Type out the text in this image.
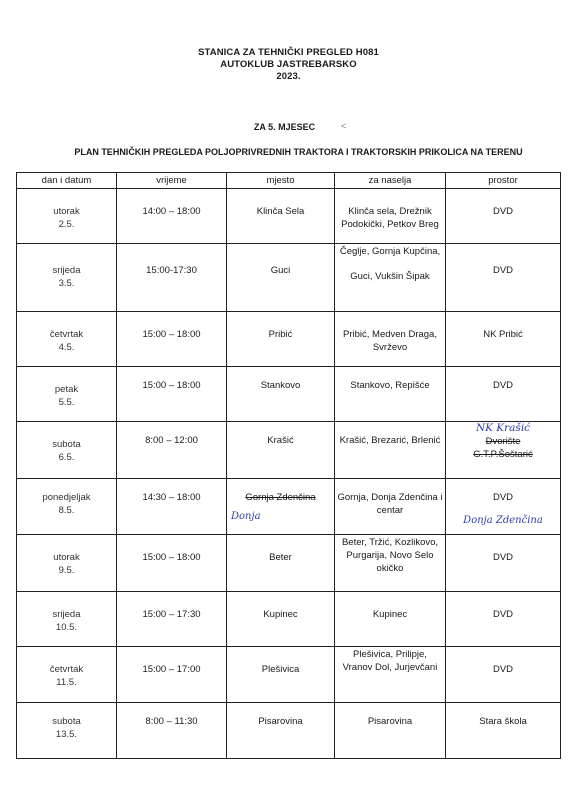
STANICA ZA TEHNIČKI PREGLED H081
AUTOKLUB JASTREBARSKO
2023.
ZA 5. MJESEC	˂
PLAN TEHNIČKIH PREGLEDA POLJOPRIVREDNIH TRAKTORA I TRAKTORSKIH PRIKOLICA NA TERENU
dan i datum	vrijeme	mjesto	za naselja	prostor

utorak
2.5.	14:00 – 18:00	Klinča Sela	Klinča sela, Drežnik Podokički, Petkov Breg	DVD

srijeda
3.5.	15:00-17:30	Guci	Čeglje, Gornja Kupčina,
Guci, Vukšin Šipak	DVD

četvrtak
4.5.	15:00 – 18:00	Pribić	Pribić, Medven Draga, Svrževo	NK Pribić

petak
5.5.	15:00 – 18:00	Stankovo	Stankovo, Repišće	DVD

subota
6.5.	8:00 – 12:00	Krašić	Krašić, Brezarić, Brlenić	NK Krašić
Dvorište
G.T.P.Šoštarić

ponedjeljak
8.5.	14:30 – 18:00	Gornja Zdenčina
Donja	Gornja, Donja Zdenčina i centar	DVD
Donja Zdenčina

utorak
9.5.	15:00 – 18:00	Beter	Beter, Tržić, Kozlikovo, Purgarija, Novo Selo okičko	DVD

srijeda
10.5.	15:00 – 17:30	Kupinec	Kupinec	DVD

četvrtak
11.5.	15:00 – 17:00	Plešivica	Plešivica, Prilipje, Vranov Dol, Jurjevčani	DVD

subota
13.5.	8:00 – 11:30	Pisarovina	Pisarovina	Stara škola
